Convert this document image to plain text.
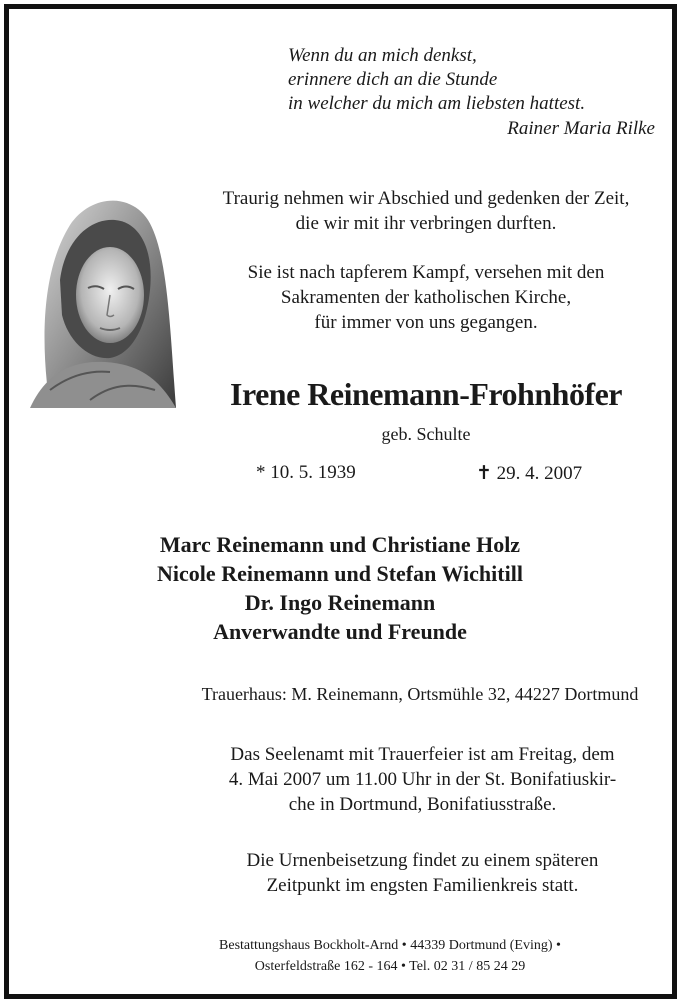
Wenn du an mich denkst,
erinnere dich an die Stunde
in welcher du mich am liebsten hattest.
Rainer Maria Rilke
Traurig nehmen wir Abschied und gedenken der Zeit,
die wir mit ihr verbringen durften.
Sie ist nach tapferem Kampf, versehen mit den
Sakramenten der katholischen Kirche,
für immer von uns gegangen.
Irene Reinemann-Frohnhöfer
geb. Schulte
* 10. 5. 1939	✝ 29. 4. 2007
Marc Reinemann und Christiane Holz
Nicole Reinemann und Stefan Wichitill
Dr. Ingo Reinemann
Anverwandte und Freunde
Trauerhaus: M. Reinemann, Ortsmühle 32, 44227 Dortmund
Das Seelenamt mit Trauerfeier ist am Freitag, dem
4. Mai 2007 um 11.00 Uhr in der St. Bonifatiuskir-
che in Dortmund, Bonifatiusstraße.
Die Urnenbeisetzung findet zu einem späteren
Zeitpunkt im engsten Familienkreis statt.
Bestattungshaus Bockholt-Arnd • 44339 Dortmund (Eving) •
Osterfeldstraße 162 - 164 • Tel. 02 31 / 85 24 29
